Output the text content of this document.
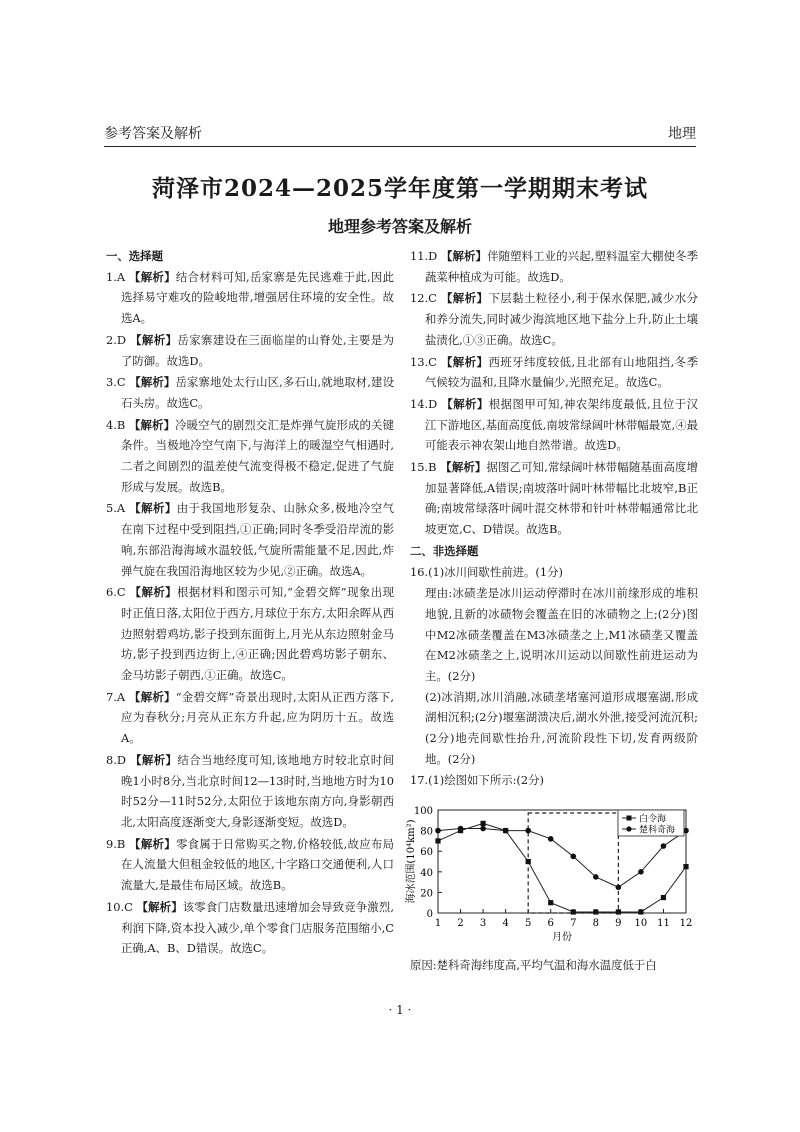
参考答案及解析	地理
菏泽市2024—2025学年度第一学期期末考试
地理参考答案及解析
一、选择题
1.A 【解析】结合材料可知,岳家寨是先民逃难于此,因此选择易守难攻的险峻地带,增强居住环境的安全性。故选A。
2.D 【解析】岳家寨建设在三面临崖的山脊处,主要是为了防御。故选D。
3.C 【解析】岳家寨地处太行山区,多石山,就地取材,建设石头房。故选C。
4.B 【解析】冷暖空气的剧烈交汇是炸弹气旋形成的关键条件。当极地冷空气南下,与海洋上的暖湿空气相遇时,二者之间剧烈的温差使气流变得极不稳定,促进了气旋形成与发展。故选B。
5.A 【解析】由于我国地形复杂、山脉众多,极地冷空气在南下过程中受到阻挡,①正确;同时冬季受沿岸流的影响,东部沿海海域水温较低,气旋所需能量不足,因此,炸弹气旋在我国沿海地区较为少见,②正确。故选A。
6.C 【解析】根据材料和图示可知,“金碧交辉”现象出现时正值日落,太阳位于西方,月球位于东方,太阳余晖从西边照射碧鸡坊,影子投到东面街上,月光从东边照射金马坊,影子投到西边街上,④正确;因此碧鸡坊影子朝东、金马坊影子朝西,①正确。故选C。
7.A 【解析】“金碧交辉”奇景出现时,太阳从正西方落下,应为春秋分;月亮从正东方升起,应为阴历十五。故选A。
8.D 【解析】结合当地经度可知,该地地方时较北京时间晚1小时8分,当北京时间12—13时时,当地地方时为10时52分—11时52分,太阳位于该地东南方向,身影朝西北,太阳高度逐渐变大,身影逐渐变短。故选D。
9.B 【解析】零食属于日常购买之物,价格较低,故应布局在人流量大但租金较低的地区,十字路口交通便利,人口流量大,是最佳布局区域。故选B。
10.C 【解析】该零食门店数量迅速增加会导致竞争激烈,利润下降,资本投入减少,单个零食门店服务范围缩小,C正确,A、B、D错误。故选C。
11.D 【解析】伴随塑料工业的兴起,塑料温室大棚使冬季蔬菜种植成为可能。故选D。
12.C 【解析】下层黏土粒径小,利于保水保肥,减少水分和养分流失,同时减少海滨地区地下盐分上升,防止土壤盐渍化,①③正确。故选C。
13.C 【解析】西班牙纬度较低,且北部有山地阻挡,冬季气候较为温和,且降水量偏少,光照充足。故选C。
14.D 【解析】根据图甲可知,神农架纬度最低,且位于汉江下游地区,基面高度低,南坡常绿阔叶林带幅最宽,④最可能表示神农架山地自然带谱。故选D。
15.B 【解析】据图乙可知,常绿阔叶林带幅随基面高度增加显著降低,A错误;南坡落叶阔叶林带幅比北坡窄,B正确;南坡常绿落叶阔叶混交林带和针叶林带幅通常比北坡更宽,C、D错误。故选B。
二、非选择题
16.(1)冰川间歇性前进。(1分)

理由:冰碛垄是冰川运动停滞时在冰川前缘形成的堆积地貌,且新的冰碛物会覆盖在旧的冰碛物之上;(2分)图中M2冰碛垄覆盖在M3冰碛垄之上,M1冰碛垄又覆盖在M2冰碛垄之上,说明冰川运动以间歇性前进运动为主。(2分)

(2)冰消期,冰川消融,冰碛垄堵塞河道形成堰塞湖,形成湖相沉积;(2分)堰塞湖溃决后,湖水外泄,接受河流沉积;(2分)地壳间歇性抬升,河流阶段性下切,发育两级阶地。(2分)

17.(1)绘图如下所示:(2分)
0
20
40
60
80
100
1 2 3 4 5 6 7 8 9 10 11 12
月份
海冰范围(10⁴km²)	白令海
楚科奇海
原因:楚科奇海纬度高,平均气温和海水温度低于白
· 1 ·
